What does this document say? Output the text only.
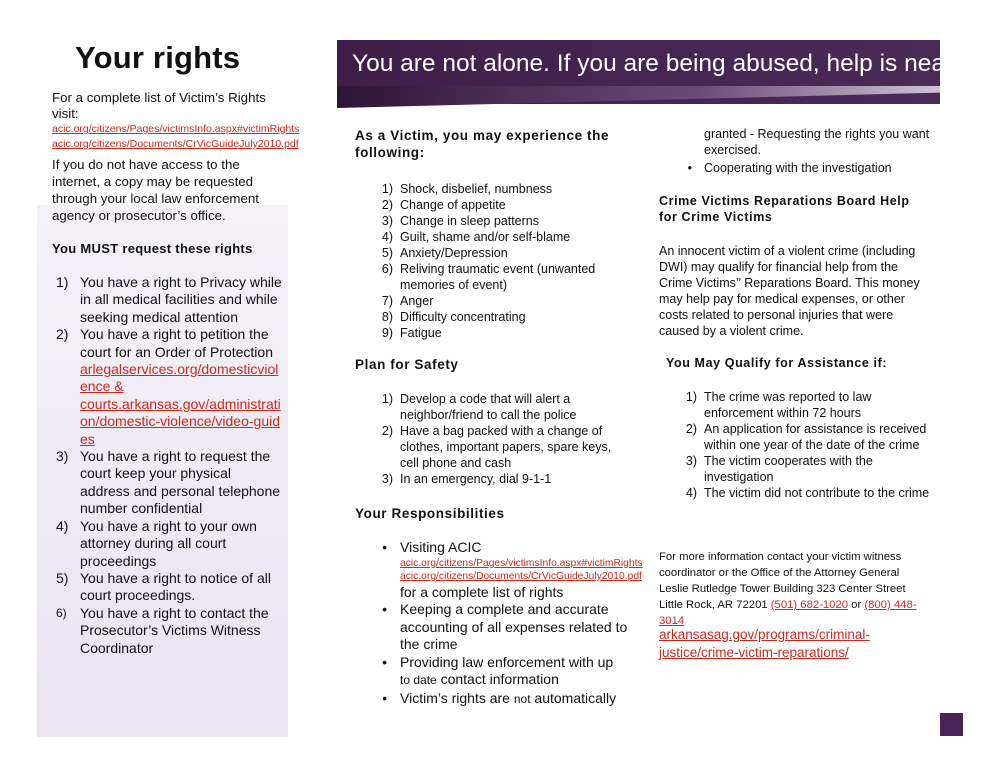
Your rights
For a complete list of Victim’s Rights visit:
acic.org/citizens/Pages/victimsInfo.aspx#victimRights
acic.org/citizens/Documents/CrVicGuideJuly2010.pdf
If you do not have access to the internet, a copy may be requested through your local law enforcement agency or prosecutor’s office.
You MUST request these rights
1) You have a right to Privacy while in all medical facilities and while seeking medical attention
2) You have a right to petition the court for an Order of Protection
arlegalservices.org/domesticviolence &
courts.arkansas.gov/administration/domestic-violence/video-guides
3) You have a right to request the court keep your physical address and personal telephone number confidential
4) You have a right to your own attorney during all court proceedings
5) You have a right to notice of all court proceedings.
6) You have a right to contact the Prosecutor’s Victims Witness Coordinator
You are not alone. If you are being abused, help is near.
As a Victim, you may experience the following:
1) Shock, disbelief, numbness
2) Change of appetite
3) Change in sleep patterns
4) Guilt, shame and/or self-blame
5) Anxiety/Depression
6) Reliving traumatic event (unwanted memories of event)
7) Anger
8) Difficulty concentrating
9) Fatigue
Plan for Safety
1) Develop a code that will alert a neighbor/friend to call the police
2) Have a bag packed with a change of clothes, important papers, spare keys, cell phone and cash
3) In an emergency, dial 9-1-1
Your Responsibilities
• Visiting ACIC

acic.org/citizens/Pages/victimsInfo.aspx#victimRights
acic.org/citizens/Documents/CrVicGuideJuly2010.pdf
for a complete list of rights
• Keeping a complete and accurate accounting of all expenses related to the crime
• Providing law enforcement with up
to date contact information
• Victim’s rights are not automatically
granted - Requesting the rights you want exercised.
• Cooperating with the investigation
Crime Victims Reparations Board Help for Crime Victims
An innocent victim of a violent crime (including DWI) may qualify for financial help from the Crime Victims’’ Reparations Board. This money may help pay for medical expenses, or other costs related to personal injuries that were caused by a violent crime.
You May Qualify for Assistance if:
1) The crime was reported to law enforcement within 72 hours
2) An application for assistance is received within one year of the date of the crime
3) The victim cooperates with the investigation
4) The victim did not contribute to the crime
For more information contact your victim witness coordinator or the Office of the Attorney General Leslie Rutledge Tower Building 323 Center Street Little Rock, AR 72201 (501) 682-1020 or (800) 448-3014
arkansasag.gov/programs/criminal-justice/crime-victim-reparations/
